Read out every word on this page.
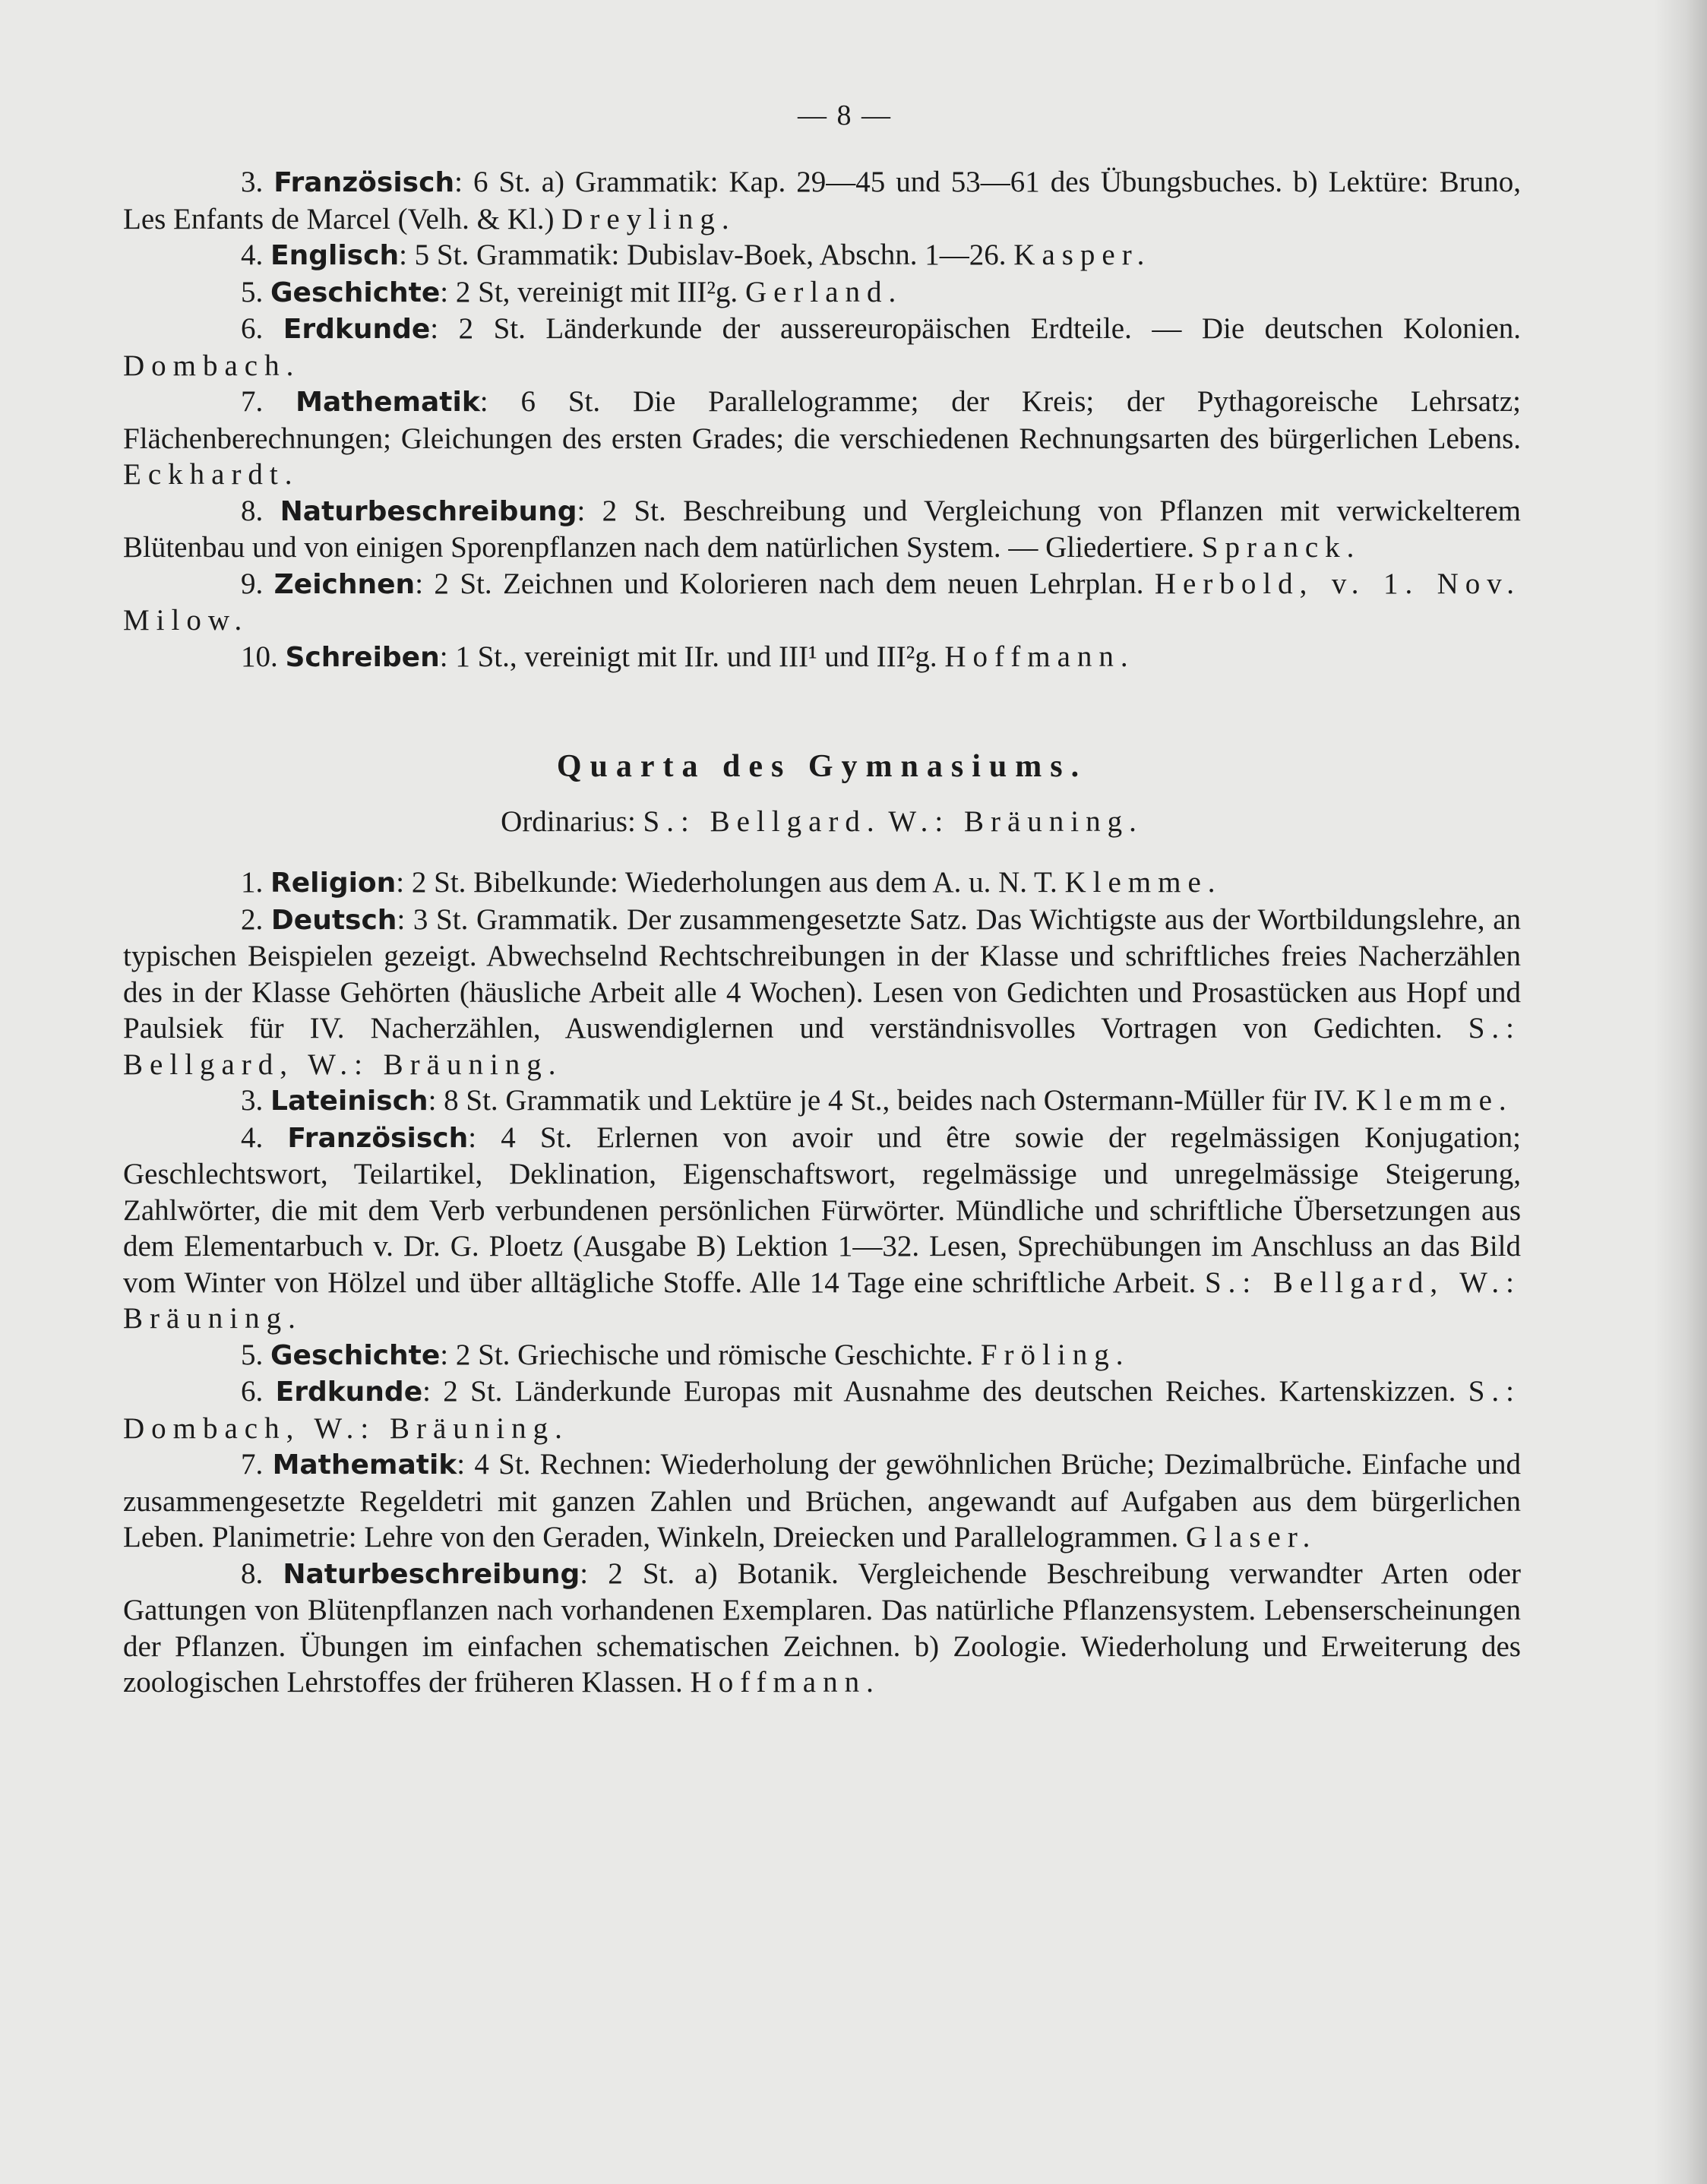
— 8 —

3. Französisch: 6 St. a) Grammatik: Kap. 29—45 und 53—61 des Übungsbuches. b) Lektüre: Bruno, Les Enfants de Marcel (Velh. & Kl.) Dreyling.

4. Englisch: 5 St. Grammatik: Dubislav-Boek, Abschn. 1—26. Kasper.

5. Geschichte: 2 St, vereinigt mit III²g. Gerland.

6. Erdkunde: 2 St. Länderkunde der aussereuropäischen Erdteile. — Die deutschen Kolonien. Dombach.

7. Mathematik: 6 St. Die Parallelogramme; der Kreis; der Pythagoreische Lehrsatz; Flächenberechnungen; Gleichungen des ersten Grades; die verschiedenen Rechnungsarten des bürgerlichen Lebens. Eckhardt.

8. Naturbeschreibung: 2 St. Beschreibung und Vergleichung von Pflanzen mit verwickelterem Blütenbau und von einigen Sporenpflanzen nach dem natürlichen System. — Gliedertiere. Spranck.

9. Zeichnen: 2 St. Zeichnen und Kolorieren nach dem neuen Lehrplan. Herbold, v. 1. Nov. Milow.

10. Schreiben: 1 St., vereinigt mit IIr. und III¹ und III²g. Hoffmann.

Quarta des Gymnasiums.
Ordinarius: S.: Bellgard. W.: Bräuning.

1. Religion: 2 St. Bibelkunde: Wiederholungen aus dem A. u. N. T. Klemme.

2. Deutsch: 3 St. Grammatik. Der zusammengesetzte Satz. Das Wichtigste aus der Wortbildungslehre, an typischen Beispielen gezeigt. Abwechselnd Rechtschreibungen in der Klasse und schriftliches freies Nacherzählen des in der Klasse Gehörten (häusliche Arbeit alle 4 Wochen). Lesen von Gedichten und Prosastücken aus Hopf und Paulsiek für IV. Nacherzählen, Auswendiglernen und verständnisvolles Vortragen von Gedichten. S.: Bellgard, W.: Bräuning.

3. Lateinisch: 8 St. Grammatik und Lektüre je 4 St., beides nach Ostermann-Müller für IV. Klemme.

4. Französisch: 4 St. Erlernen von avoir und être sowie der regelmässigen Konjugation; Geschlechtswort, Teilartikel, Deklination, Eigenschaftswort, regelmässige und unregelmässige Steigerung, Zahlwörter, die mit dem Verb verbundenen persönlichen Fürwörter. Mündliche und schriftliche Übersetzungen aus dem Elementarbuch v. Dr. G. Ploetz (Ausgabe B) Lektion 1—32. Lesen, Sprechübungen im Anschluss an das Bild vom Winter von Hölzel und über alltägliche Stoffe. Alle 14 Tage eine schriftliche Arbeit. S.: Bellgard, W.: Bräuning.

5. Geschichte: 2 St. Griechische und römische Geschichte. Fröling.

6. Erdkunde: 2 St. Länderkunde Europas mit Ausnahme des deutschen Reiches. Kartenskizzen. S.: Dombach, W.: Bräuning.

7. Mathematik: 4 St. Rechnen: Wiederholung der gewöhnlichen Brüche; Dezimalbrüche. Einfache und zusammengesetzte Regeldetri mit ganzen Zahlen und Brüchen, angewandt auf Aufgaben aus dem bürgerlichen Leben. Planimetrie: Lehre von den Geraden, Winkeln, Dreiecken und Parallelogrammen. Glaser.

8. Naturbeschreibung: 2 St. a) Botanik. Vergleichende Beschreibung verwandter Arten oder Gattungen von Blütenpflanzen nach vorhandenen Exemplaren. Das natürliche Pflanzensystem. Lebenserscheinungen der Pflanzen. Übungen im einfachen schematischen Zeichnen. b) Zoologie. Wiederholung und Erweiterung des zoologischen Lehrstoffes der früheren Klassen. Hoffmann.
